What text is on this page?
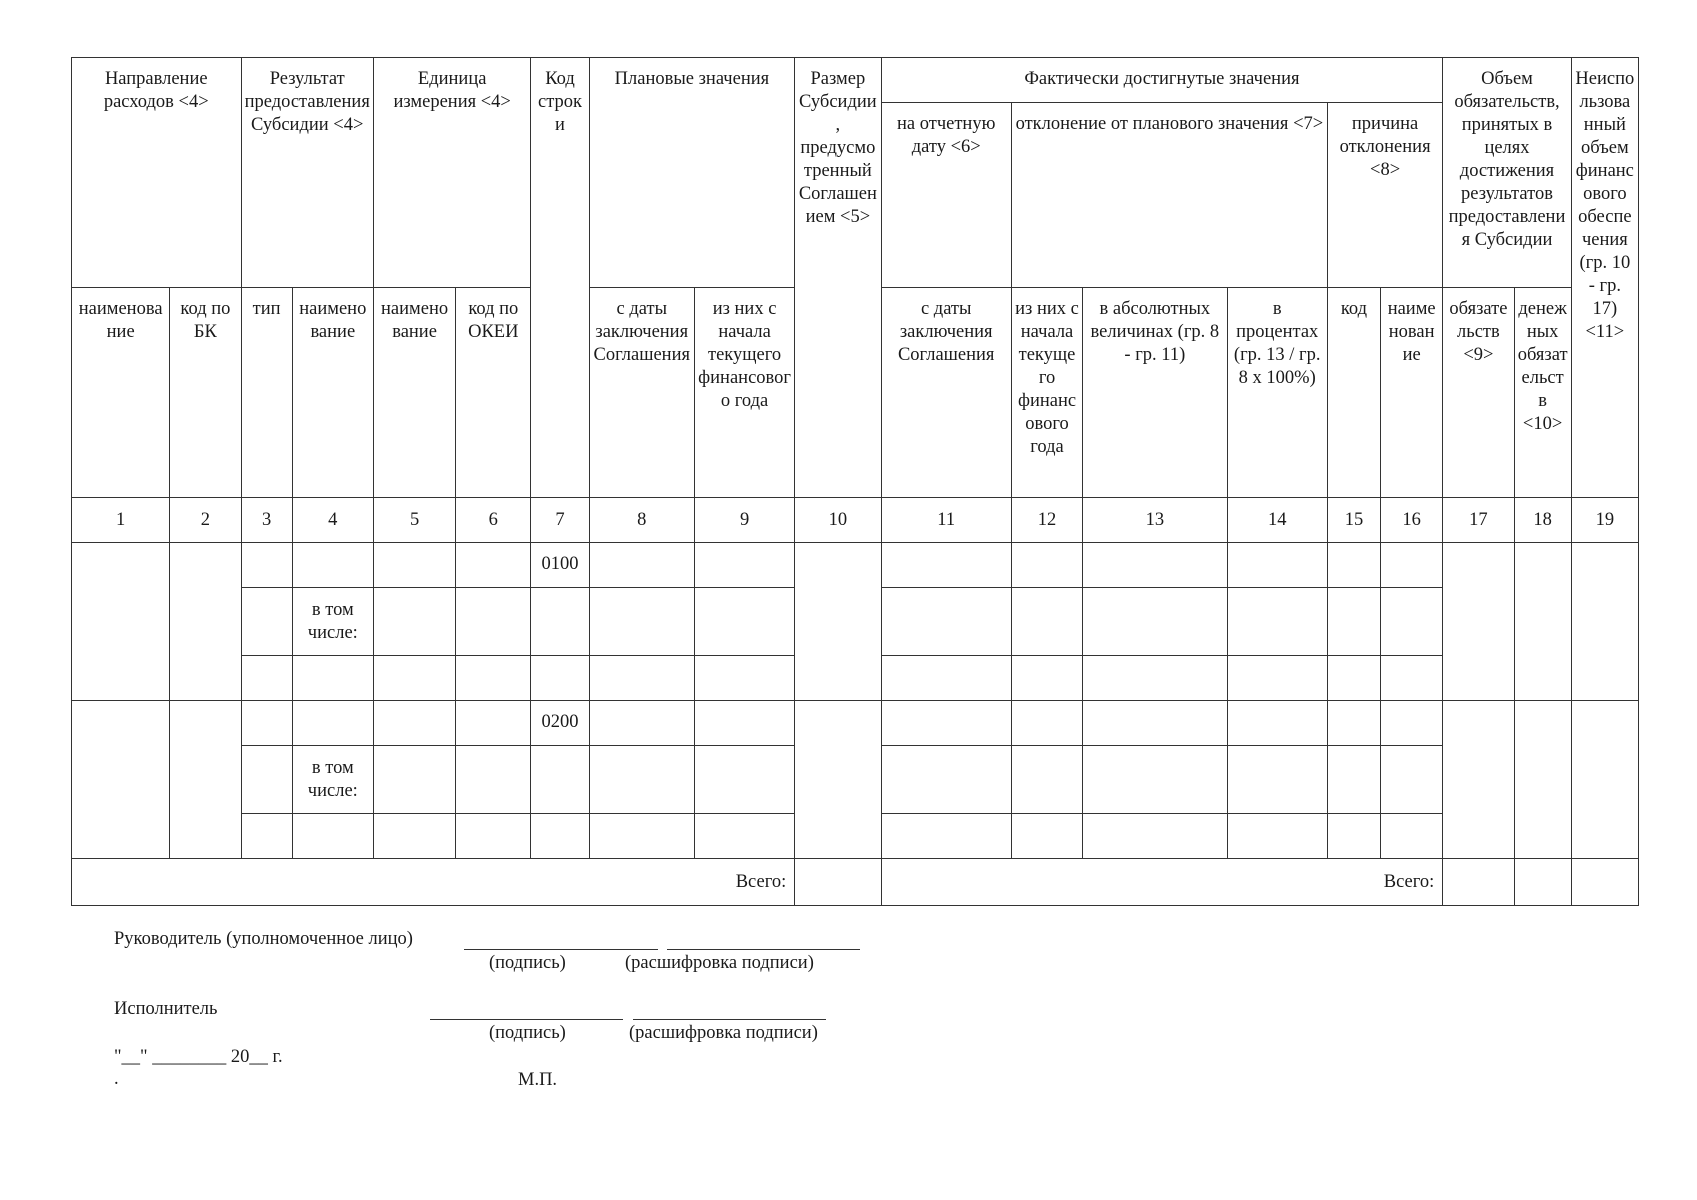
Направление расходов <4>		Результат предоставления Субсидии <4>		Единица измерения <4>		Код строки	Плановые значения		Размер Субсидии, предусмотренный Соглашением <5>	Фактически достигнутые значения						Объем обязательств, принятых в целях достижения результатов предоставления Субсидии		Неиспользованный объем финансового обеспечения (гр. 10 - гр. 17) <11>
										на отчетную дату <6>	отклонение от планового значения <7>			причина отклонения <8>				
наименование	код по БК	тип	наименование	наименование	код по ОКЕИ		с даты заключения Соглашения	из них с начала текущего финансового года		с даты заключения Соглашения	из них с начала текущего финансового года	в абсолютных величинах (гр. 8 - гр. 11)	в процентах (гр. 13 / гр. 8 x 100%)	код	наименование	обязательств <9>	денежных обязательств <10>	
1	2	3	4	5	6	7	8	9	10	11	12	13	14	15	16	17	18	19
						0100												
			в том числе:															

						0200												
			в том числе:															

Всего:										Всего:								
Руководитель (уполномоченное лицо)
(подпись)	(расшифровка подписи)
Исполнитель
(подпись)	(расшифровка подписи)
"__" ________ 20__ г.
.	М.П.
